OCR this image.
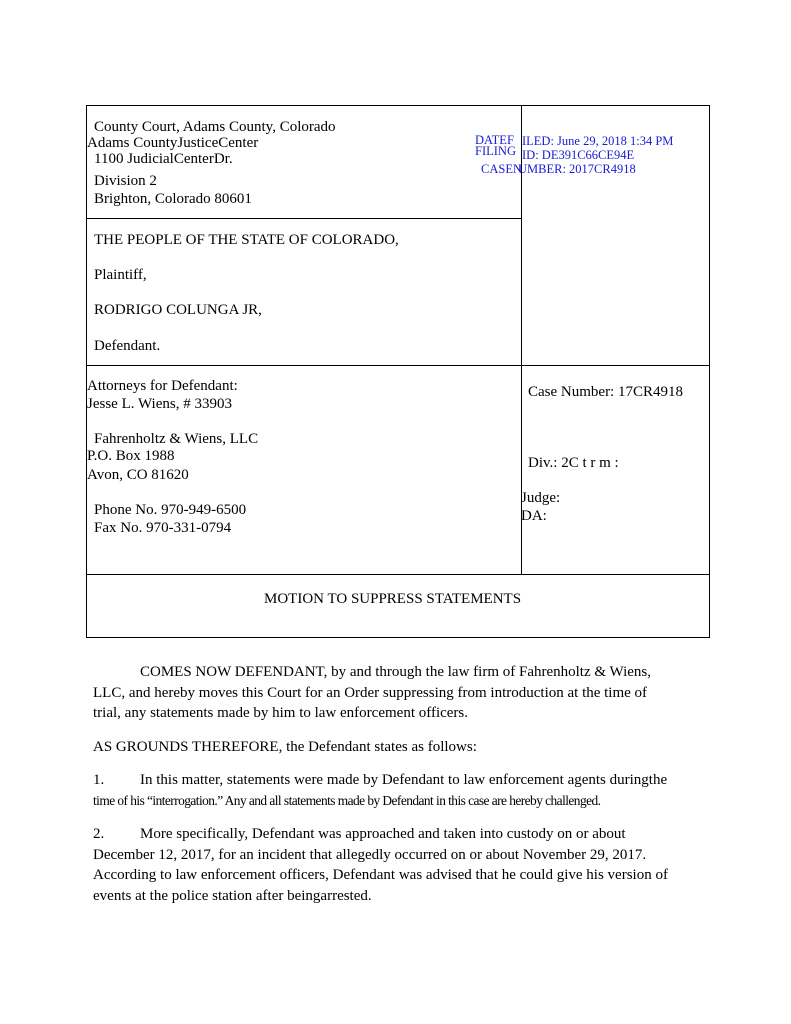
County Court, Adams County, Colorado
Adams CountyJusticeCenter
1100 JudicialCenterDr.
Division 2
Brighton, Colorado 80601
DATEF
FILING
CASEN
ILED: June 29, 2018 1:34 PM
ID: DE391C66CE94E
UMBER: 2017CR4918
THE PEOPLE OF THE STATE OF COLORADO,
Plaintiff,
RODRIGO COLUNGA JR,
Defendant.
Attorneys for Defendant:
Jesse L. Wiens, # 33903
Fahrenholtz & Wiens, LLC
P.O. Box 1988
Avon, CO 81620
Phone No. 970-949-6500
Fax No. 970-331-0794
Case Number: 17CR4918
Div.: 2C t r m :
Judge:
DA:
MOTION TO SUPPRESS STATEMENTS
COMES NOW DEFENDANT, by and through the law firm of Fahrenholtz & Wiens,
LLC, and hereby moves this Court for an Order suppressing from introduction at the time of
trial, any statements made by him to law enforcement officers.
AS GROUNDS THEREFORE, the Defendant states as follows:
1. In this matter, statements were made by Defendant to law enforcement agents duringthe
time of his “interrogation.” Any and all statements made by Defendant in this case are hereby challenged.
2. More specifically, Defendant was approached and taken into custody on or about
December 12, 2017, for an incident that allegedly occurred on or about November 29, 2017.
According to law enforcement officers, Defendant was advised that he could give his version of
events at the police station after beingarrested.
